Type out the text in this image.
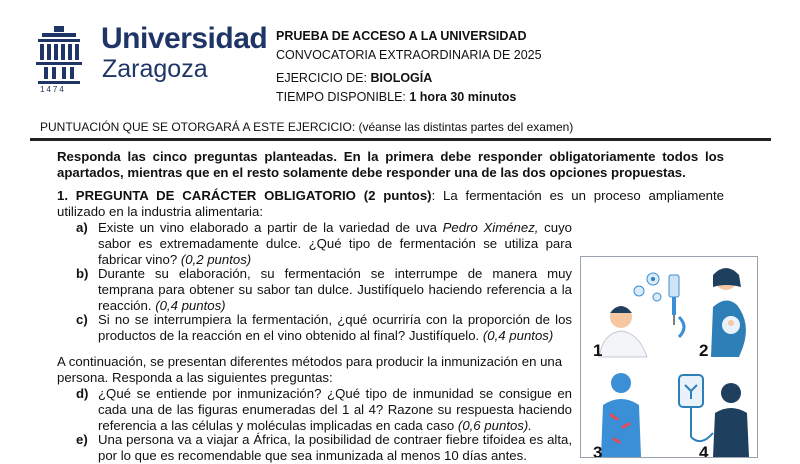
1474
Universidad
Zaragoza
PRUEBA DE ACCESO A LA UNIVERSIDAD
CONVOCATORIA EXTRAORDINARIA DE 2025
EJERCICIO DE: BIOLOGÍA
TIEMPO DISPONIBLE: 1 hora 30 minutos
PUNTUACIÓN QUE SE OTORGARÁ A ESTE EJERCICIO: (véanse las distintas partes del examen)
Responda las cinco preguntas planteadas. En la primera debe responder obligatoriamente todos los apartados, mientras que en el resto solamente debe responder una de las dos opciones propuestas.
1. PREGUNTA DE CARÁCTER OBLIGATORIO (2 puntos): La fermentación es un proceso ampliamente utilizado en la industria alimentaria:
a) Existe un vino elaborado a partir de la variedad de uva Pedro Ximénez, cuyo sabor es extremadamente dulce. ¿Qué tipo de fermentación se utiliza para fabricar vino? (0,2 puntos)
b) Durante su elaboración, su fermentación se interrumpe de manera muy temprana para obtener su sabor tan dulce. Justifíquelo haciendo referencia a la reacción. (0,4 puntos)
c) Si no se interrumpiera la fermentación, ¿qué ocurriría con la proporción de los productos de la reacción en el vino obtenido al final? Justifíquelo. (0,4 puntos)
A continuación, se presentan diferentes métodos para producir la inmunización en una persona. Responda a las siguientes preguntas:
d) ¿Qué se entiende por inmunización? ¿Qué tipo de inmunidad se consigue en cada una de las figuras enumeradas del 1 al 4? Razone su respuesta haciendo referencia a las células y moléculas implicadas en cada caso (0,6 puntos).
e) Una persona va a viajar a África, la posibilidad de contraer fiebre tifoidea es alta, por lo que es recomendable que sea inmunizada al menos 10 días antes.
1	2
3	4
